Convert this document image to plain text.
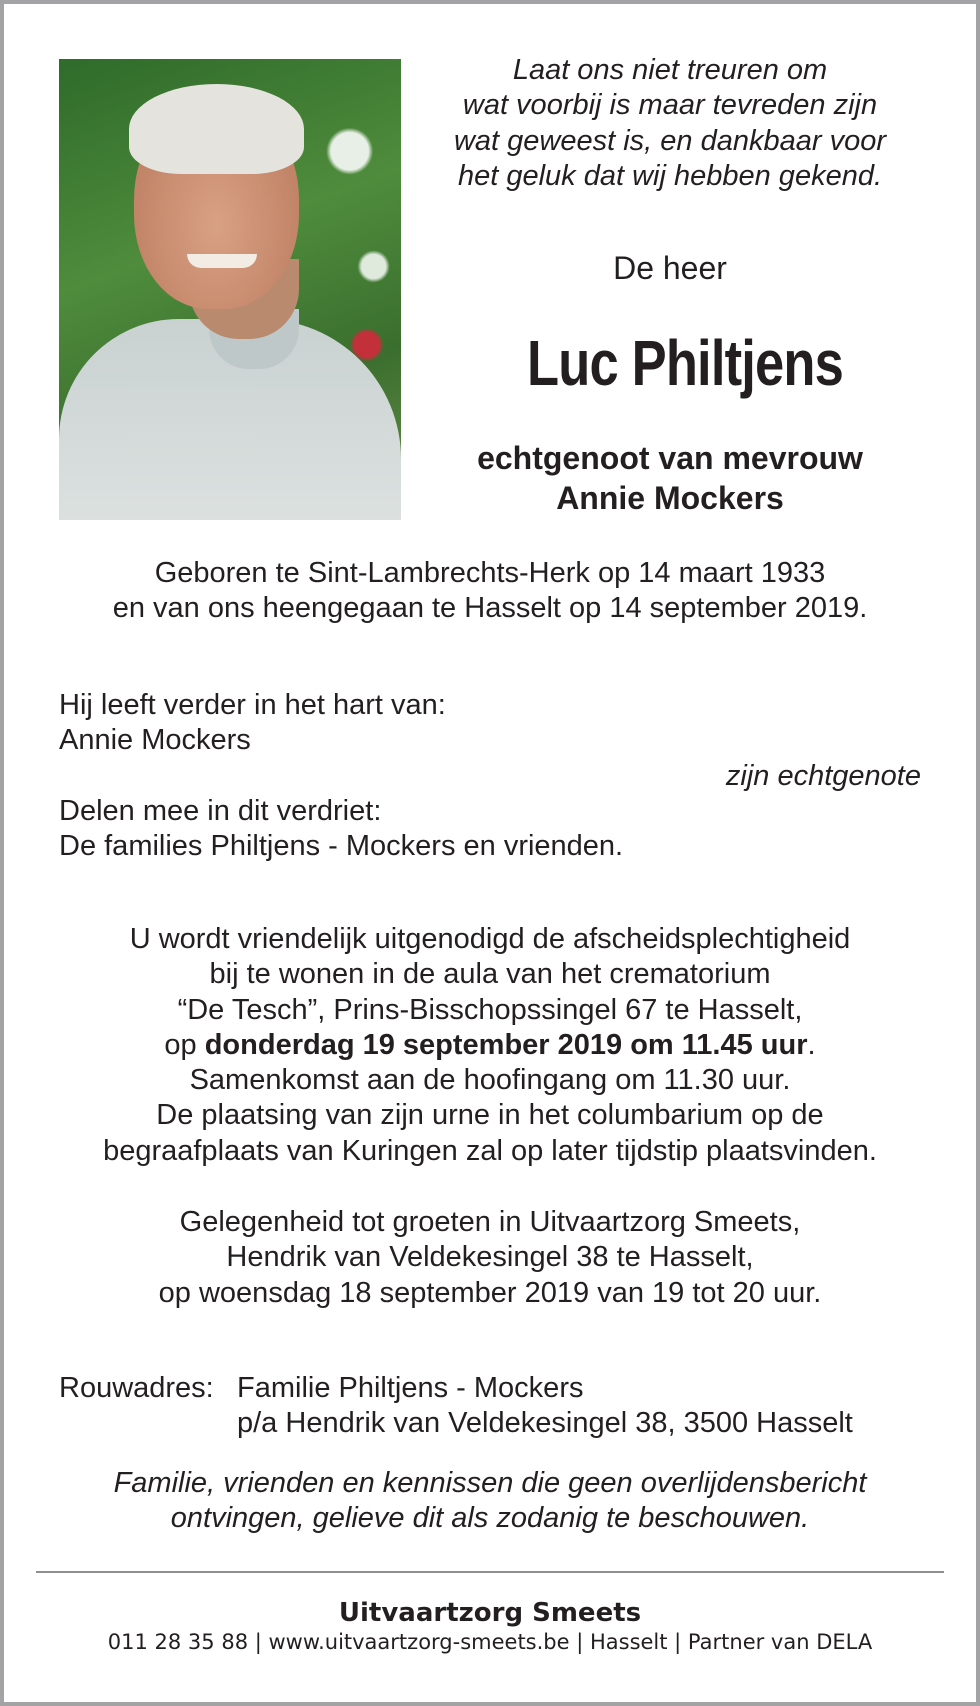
Laat ons niet treuren om
wat voorbij is maar tevreden zijn
wat geweest is, en dankbaar voor
het geluk dat wij hebben gekend.
De heer
Luc Philtjens
echtgenoot van mevrouw
Annie Mockers
Geboren te Sint-Lambrechts-Herk op 14 maart 1933
en van ons heengegaan te Hasselt op 14 september 2019.
Hij leeft verder in het hart van:
Annie Mockers
zijn echtgenote
Delen mee in dit verdriet:
De families Philtjens - Mockers en vrienden.
U wordt vriendelijk uitgenodigd de afscheidsplechtigheid
bij te wonen in de aula van het crematorium
“De Tesch”, Prins-Bisschopssingel 67 te Hasselt,
op donderdag 19 september 2019 om 11.45 uur.
Samenkomst aan de hoofingang om 11.30 uur.
De plaatsing van zijn urne in het columbarium op de
begraafplaats van Kuringen zal op later tijdstip plaatsvinden.
Gelegenheid tot groeten in Uitvaartzorg Smeets,
Hendrik van Veldekesingel 38 te Hasselt,
op woensdag 18 september 2019 van 19 tot 20 uur.
Rouwadres: Familie Philtjens - Mockers
p/a Hendrik van Veldekesingel 38, 3500 Hasselt
Familie, vrienden en kennissen die geen overlijdensbericht
ontvingen, gelieve dit als zodanig te beschouwen.
Uitvaartzorg Smeets
011 28 35 88 | www.uitvaartzorg-smeets.be | Hasselt | Partner van DELA
